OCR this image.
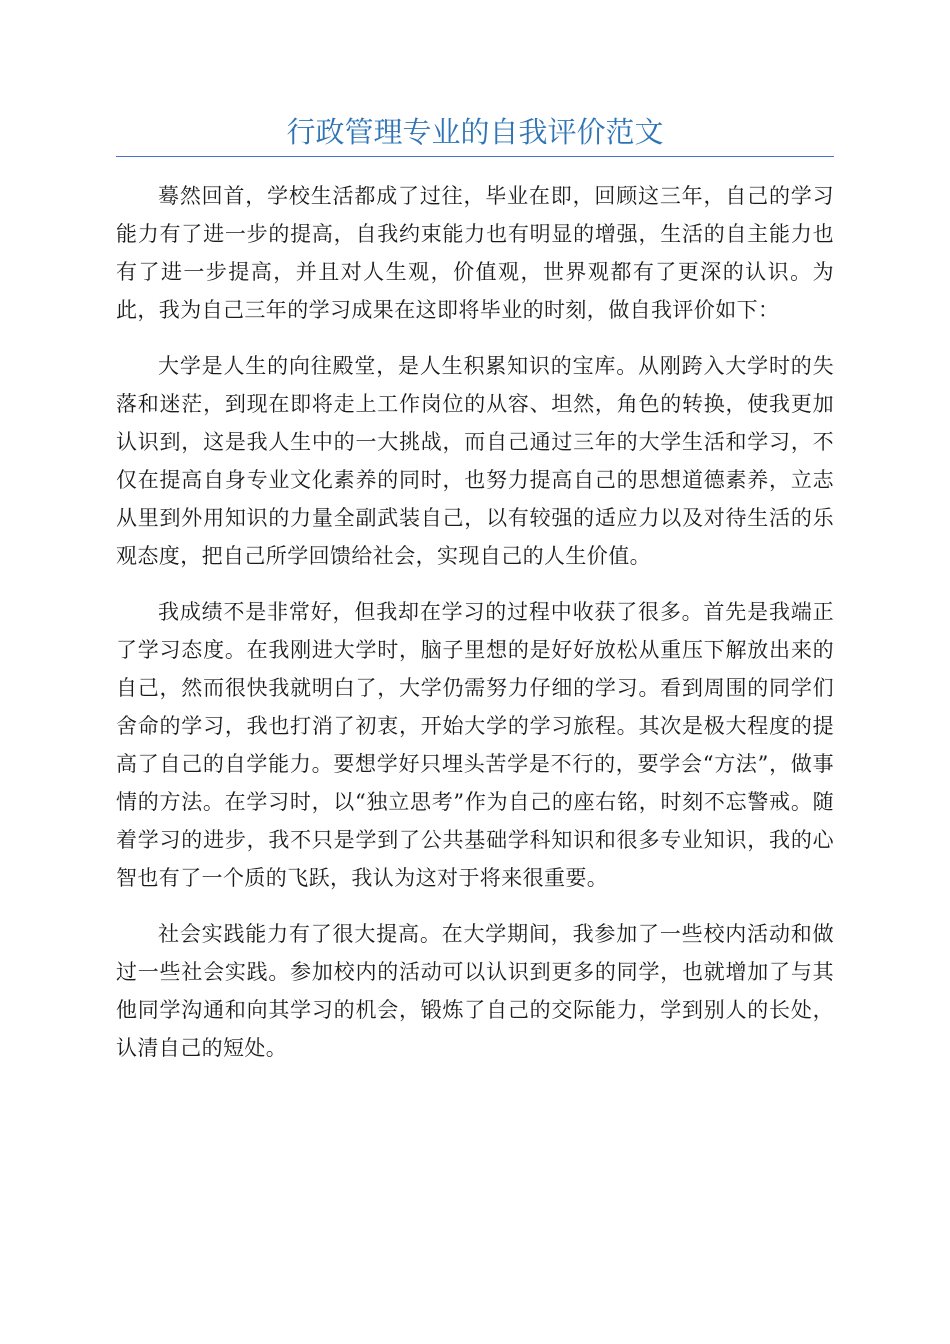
行政管理专业的自我评价范文

蓦然回首，学校生活都成了过往，毕业在即，回顾这三年，自己的学习能力有了进一步的提高，自我约束能力也有明显的增强，生活的自主能力也有了进一步提高，并且对人生观，价值观，世界观都有了更深的认识。为此，我为自己三年的学习成果在这即将毕业的时刻，做自我评价如下：

大学是人生的向往殿堂，是人生积累知识的宝库。从刚跨入大学时的失落和迷茫，到现在即将走上工作岗位的从容、坦然，角色的转换，使我更加认识到，这是我人生中的一大挑战，而自己通过三年的大学生活和学习，不仅在提高自身专业文化素养的同时，也努力提高自己的思想道德素养，立志从里到外用知识的力量全副武装自己，以有较强的适应力以及对待生活的乐观态度，把自己所学回馈给社会，实现自己的人生价值。

我成绩不是非常好，但我却在学习的过程中收获了很多。首先是我端正了学习态度。在我刚进大学时，脑子里想的是好好放松从重压下解放出来的自己，然而很快我就明白了，大学仍需努力仔细的学习。看到周围的同学们舍命的学习，我也打消了初衷，开始大学的学习旅程。其次是极大程度的提高了自己的自学能力。要想学好只埋头苦学是不行的，要学会“方法”，做事情的方法。在学习时，以“独立思考”作为自己的座右铭，时刻不忘警戒。随着学习的进步，我不只是学到了公共基础学科知识和很多专业知识，我的心智也有了一个质的飞跃，我认为这对于将来很重要。

社会实践能力有了很大提高。在大学期间，我参加了一些校内活动和做过一些社会实践。参加校内的活动可以认识到更多的同学，也就增加了与其他同学沟通和向其学习的机会，锻炼了自己的交际能力，学到别人的长处，认清自己的短处。
